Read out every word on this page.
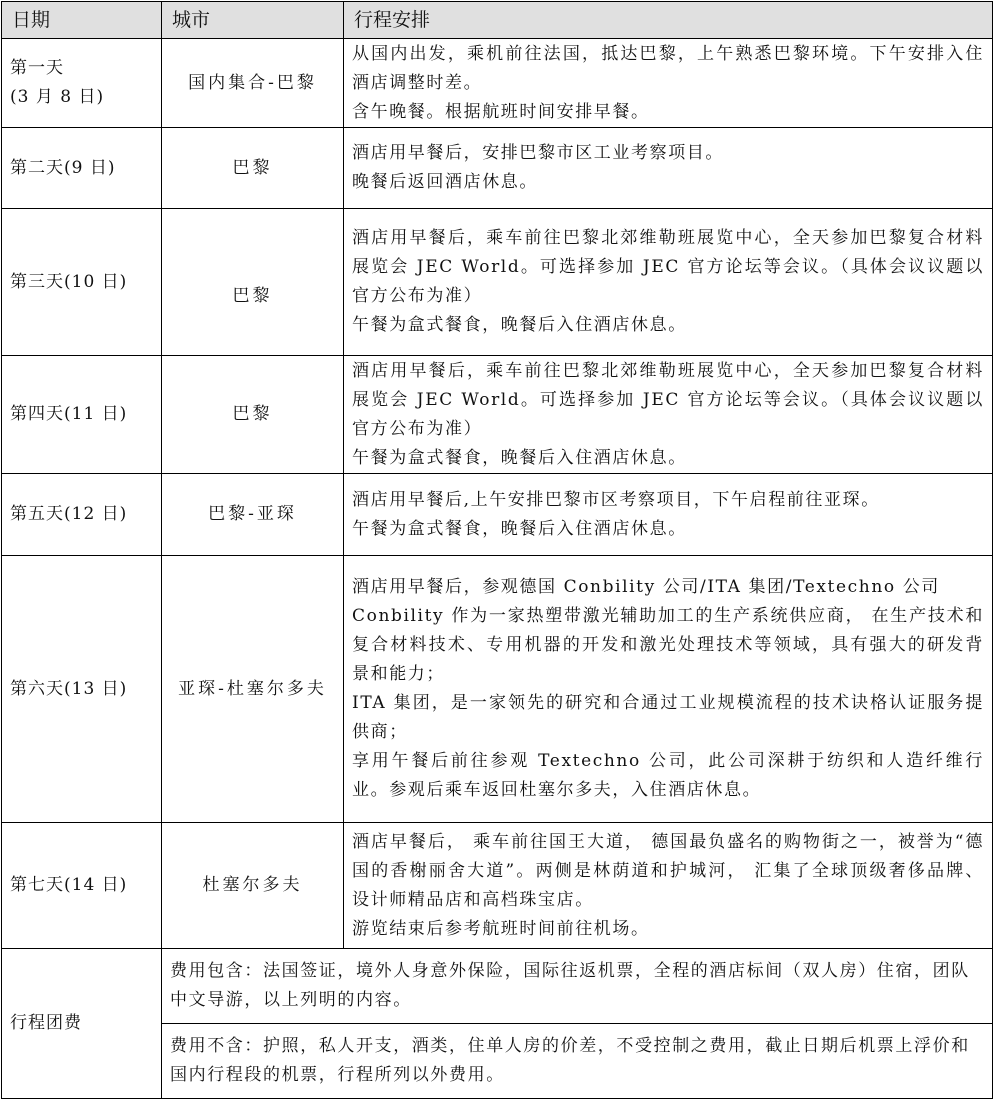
日期	城市	行程安排

第一天
(3 月 8 日)
	国内集合-巴黎	
从国内出发，乘机前往法国，抵达巴黎，上午熟悉巴黎环境。下午安排入住酒店调整时差。
含午晚餐。根据航班时间安排早餐。

第二天(9 日)	巴黎	酒店用早餐后，安排巴黎市区工业考察项目。
晚餐后返回酒店休息。

第三天(10 日)	巴黎	酒店用早餐后，乘车前往巴黎北郊维勒班展览中心，全天参加巴黎复合材料展览会 JEC World。可选择参加 JEC 官方论坛等会议。（具体会议议题以官方公布为准）
午餐为盒式餐食，晚餐后入住酒店休息。

第四天(11 日)	巴黎	酒店用早餐后，乘车前往巴黎北郊维勒班展览中心，全天参加巴黎复合材料展览会 JEC World。可选择参加 JEC 官方论坛等会议。（具体会议议题以官方公布为准）
午餐为盒式餐食，晚餐后入住酒店休息。

第五天(12 日)	巴黎-亚琛	酒店用早餐后,上午安排巴黎市区考察项目，下午启程前往亚琛。
午餐为盒式餐食，晚餐后入住酒店休息。

第六天(13 日)	亚琛-杜塞尔多夫	酒店用早餐后，参观德国 Conbility 公司/ITA 集团/Textechno 公司
Conbility 作为一家热塑带激光辅助加工的生产系统供应商， 在生产技术和复合材料技术、专用机器的开发和激光处理技术等领域，具有强大的研发背景和能力；
ITA 集团，是一家领先的研究和合通过工业规模流程的技术诀格认证服务提供商；
享用午餐后前往参观 Textechno 公司，此公司深耕于纺织和人造纤维行业。参观后乘车返回杜塞尔多夫，入住酒店休息。

第七天(14 日)	杜塞尔多夫	酒店早餐后， 乘车前往国王大道， 德国最负盛名的购物街之一，被誉为“德国的香榭丽舍大道”。两侧是林荫道和护城河， 汇集了全球顶级奢侈品牌、 设计师精品店和高档珠宝店。
游览结束后参考航班时间前往机场。

行程团费	费用包含：法国签证，境外人身意外保险，国际往返机票，全程的酒店标间（双人房）住宿，团队中文导游，以上列明的内容。	
	费用不含：护照，私人开支，酒类，住单人房的价差，不受控制之费用，截止日期后机票上浮价和国内行程段的机票，行程所列以外费用。	
